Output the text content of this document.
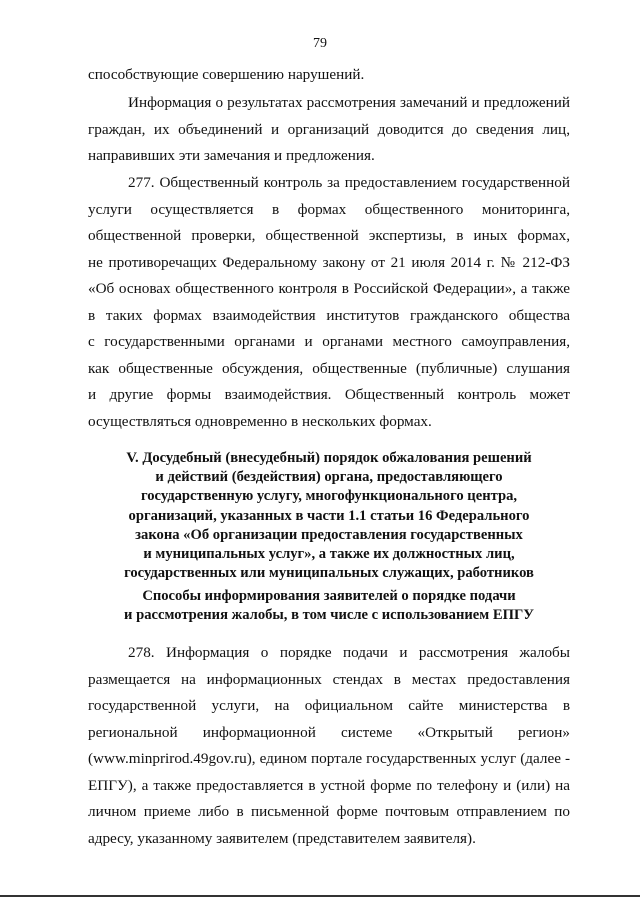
79
способствующие совершению нарушений.
Информация о результатах рассмотрения замечаний и предложений
граждан, их объединений и организаций доводится до сведения лиц,
направивших эти замечания и предложения.
277. Общественный контроль за предоставлением государственной
услуги осуществляется в формах общественного мониторинга,
общественной проверки, общественной экспертизы, в иных формах,
не противоречащих Федеральному закону от 21 июля 2014 г. № 212-ФЗ
«Об основах общественного контроля в Российской Федерации», а также
в таких формах взаимодействия институтов гражданского общества
с государственными органами и органами местного самоуправления,
как общественные обсуждения, общественные (публичные) слушания
и другие формы взаимодействия. Общественный контроль может
осуществляться одновременно в нескольких формах.
V. Досудебный (внесудебный) порядок обжалования решений
и действий (бездействия) органа, предоставляющего
государственную услугу, многофункционального центра,
организаций, указанных в части 1.1 статьи 16 Федерального
закона «Об организации предоставления государственных
и муниципальных услуг», а также их должностных лиц,
государственных или муниципальных служащих, работников
Способы информирования заявителей о порядке подачи
и рассмотрения жалобы, в том числе с использованием ЕПГУ
278. Информация о порядке подачи и рассмотрения жалобы
размещается на информационных стендах в местах предоставления
государственной услуги, на официальном сайте министерства в
региональной информационной системе «Открытый регион»
(www.minprirod.49gov.ru), едином портале государственных услуг (далее -
ЕПГУ), а также предоставляется в устной форме по телефону и (или) на
личном приеме либо в письменной форме почтовым отправлением по
адресу, указанному заявителем (представителем заявителя).
